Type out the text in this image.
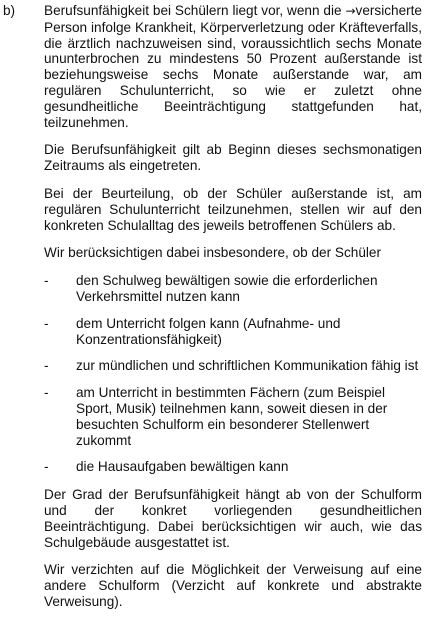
b) Berufsunfähigkeit bei Schülern liegt vor, wenn die →versicherte Person infolge Krankheit, Körperverletzung oder Kräfteverfalls, die ärztlich nachzuweisen sind, voraussichtlich sechs Monate ununterbrochen zu mindestens 50 Prozent außerstande ist beziehungsweise sechs Monate außerstande war, am regulären Schulunterricht, so wie er zuletzt ohne gesundheitliche Beeinträchtigung stattgefunden hat, teilzunehmen.

Die Berufsunfähigkeit gilt ab Beginn dieses sechsmonatigen Zeitraums als eingetreten.

Bei der Beurteilung, ob der Schüler außerstande ist, am regulären Schulunterricht teilzunehmen, stellen wir auf den konkreten Schulalltag des jeweils betroffenen Schülers ab.

Wir berücksichtigen dabei insbesondere, ob der Schüler

- den Schulweg bewältigen sowie die erforderlichen Verkehrsmittel nutzen kann
- dem Unterricht folgen kann (Aufnahme- und Konzentrationsfähigkeit)
- zur mündlichen und schriftlichen Kommunikation fähig ist
- am Unterricht in bestimmten Fächern (zum Beispiel Sport, Musik) teilnehmen kann, soweit diesen in der besuchten Schulform ein besonderer Stellenwert zukommt
- die Hausaufgaben bewältigen kann

Der Grad der Berufsunfähigkeit hängt ab von der Schulform und der konkret vorliegenden gesundheitlichen Beeinträchtigung. Dabei berücksichtigen wir auch, wie das Schulgebäude ausgestattet ist.

Wir verzichten auf die Möglichkeit der Verweisung auf eine andere Schulform (Verzicht auf konkrete und abstrakte Verweisung).
